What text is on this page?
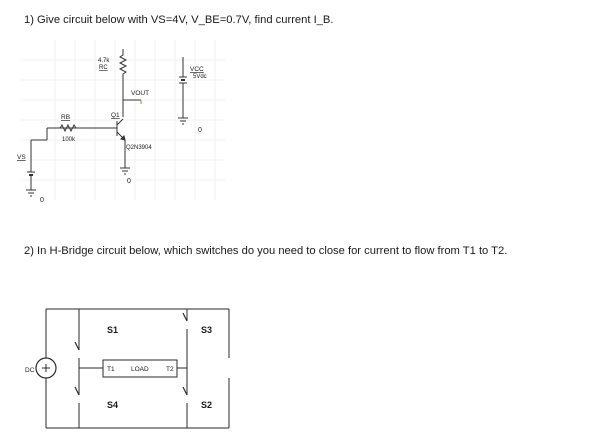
1) Give circuit below with VS=4V, V_BE=0.7V, find current I_B.

4.7k
RC
VOUT
Q1
Q2N3904
0
RB
100k
VS
0
VCC
5Vdc
0
DC
S1	S3
S4	S2
T1	LOAD	T2

2) In H-Bridge circuit below, which switches do you need to close for current to flow from T1 to T2.
